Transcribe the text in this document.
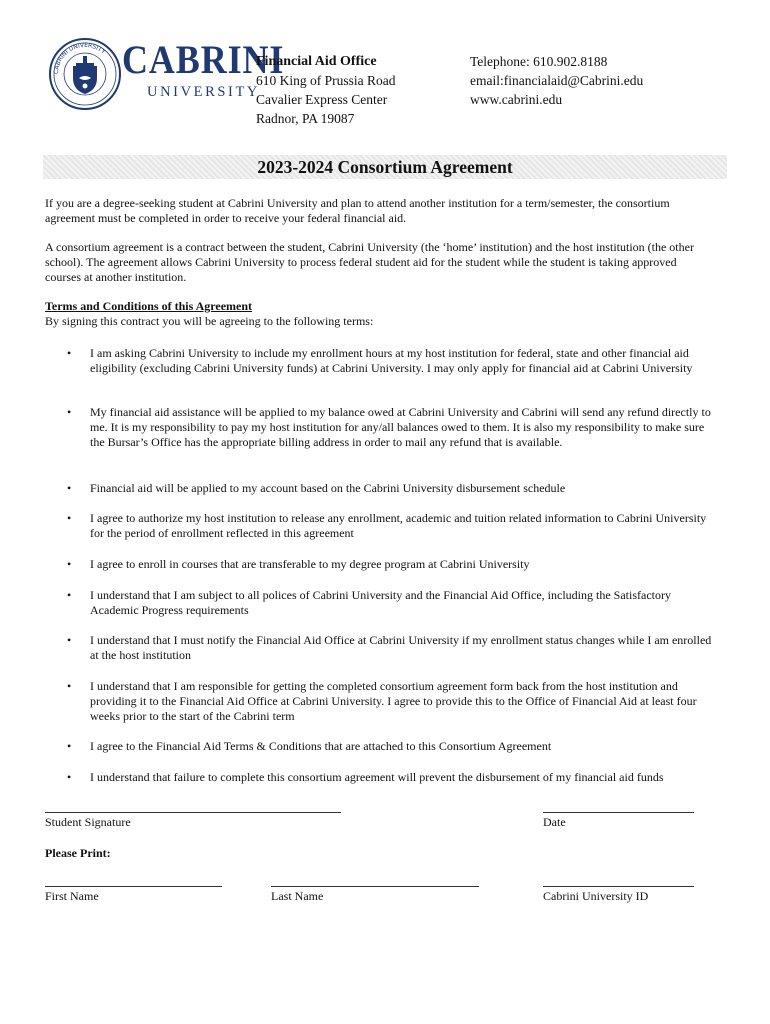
CABRINI UNIVERSITY CABRINI
UNIVERSITY
Financial Aid Office
610 King of Prussia Road
Cavalier Express Center
Radnor, PA 19087
Telephone: 610.902.8188
email:financialaid@Cabrini.edu
www.cabrini.edu
2023-2024 Consortium Agreement
If you are a degree-seeking student at Cabrini University and plan to attend another institution for a term/semester, the consortium agreement must be completed in order to receive your federal financial aid.
A consortium agreement is a contract between the student, Cabrini University (the ‘home’ institution) and the host institution (the other school). The agreement allows Cabrini University to process federal student aid for the student while the student is taking approved courses at another institution.
Terms and Conditions of this Agreement
By signing this contract you will be agreeing to the following terms:
• I am asking Cabrini University to include my enrollment hours at my host institution for federal, state and other financial aid eligibility (excluding Cabrini University funds) at Cabrini University. I may only apply for financial aid at Cabrini University
• My financial aid assistance will be applied to my balance owed at Cabrini University and Cabrini will send any refund directly to me. It is my responsibility to pay my host institution for any/all balances owed to them. It is also my responsibility to make sure the Bursar’s Office has the appropriate billing address in order to mail any refund that is available.
• Financial aid will be applied to my account based on the Cabrini University disbursement schedule
• I agree to authorize my host institution to release any enrollment, academic and tuition related information to Cabrini University for the period of enrollment reflected in this agreement
• I agree to enroll in courses that are transferable to my degree program at Cabrini University
• I understand that I am subject to all polices of Cabrini University and the Financial Aid Office, including the Satisfactory Academic Progress requirements
• I understand that I must notify the Financial Aid Office at Cabrini University if my enrollment status changes while I am enrolled at the host institution
• I understand that I am responsible for getting the completed consortium agreement form back from the host institution and providing it to the Financial Aid Office at Cabrini University. I agree to provide this to the Office of Financial Aid at least four weeks prior to the start of the Cabrini term
• I agree to the Financial Aid Terms & Conditions that are attached to this Consortium Agreement
• I understand that failure to complete this consortium agreement will prevent the disbursement of my financial aid funds
Student Signature	Date
Please Print:
First Name	Last Name	Cabrini University ID
